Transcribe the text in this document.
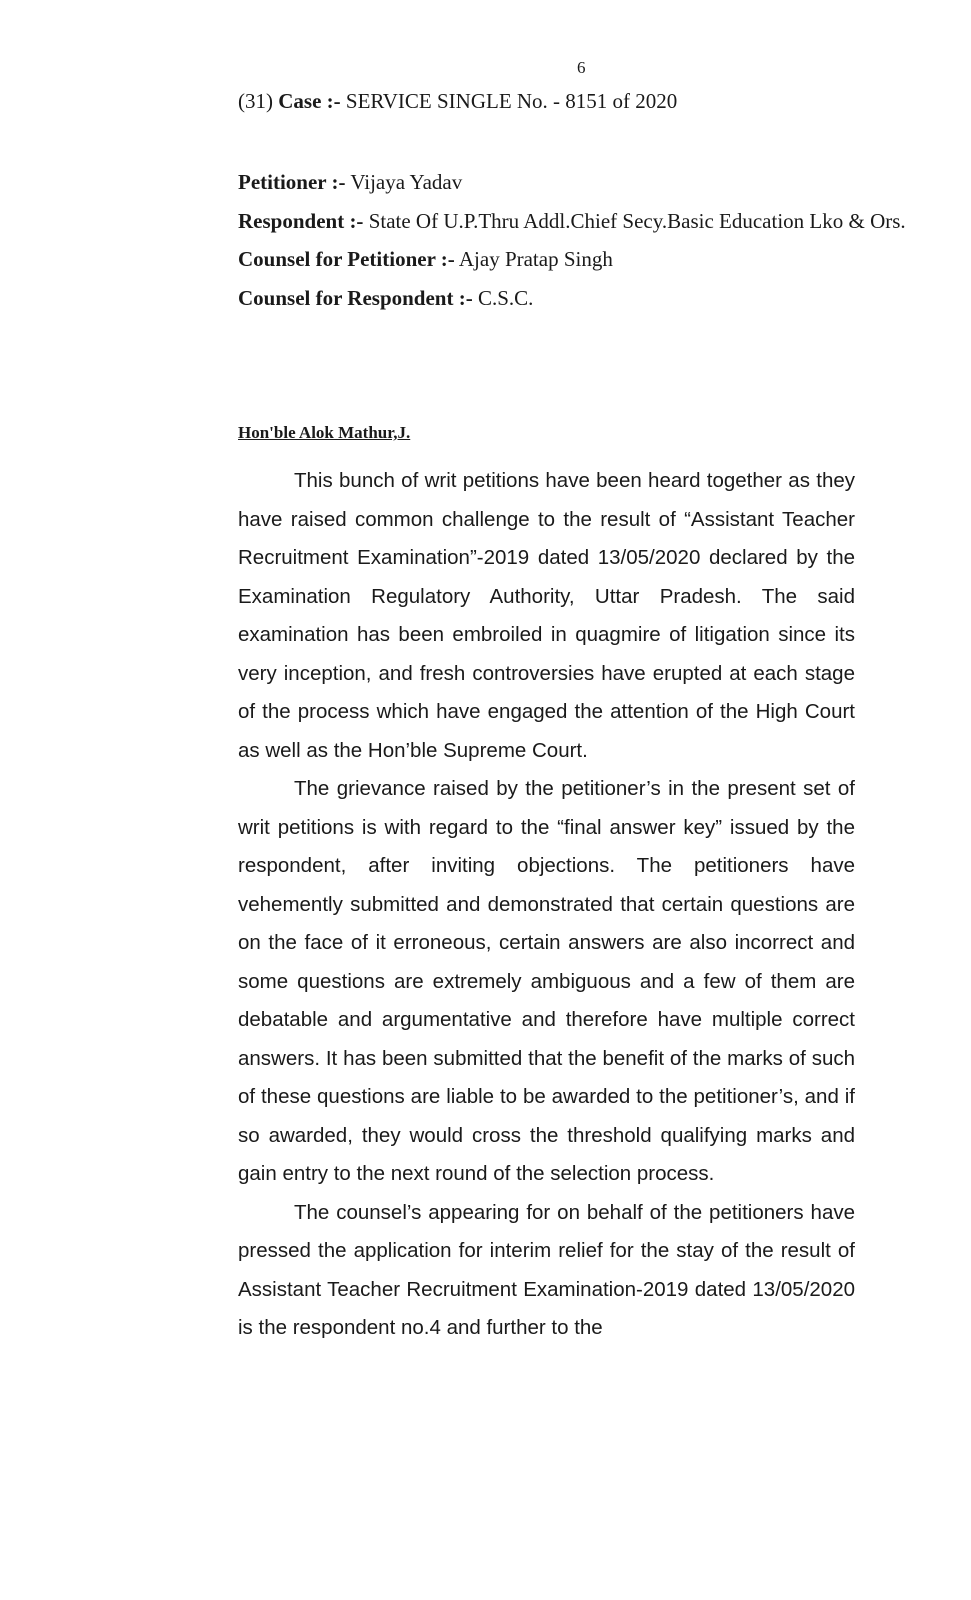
6
(31) Case :- SERVICE SINGLE No. - 8151 of 2020
Petitioner :- Vijaya Yadav
Respondent :- State Of U.P.Thru Addl.Chief Secy.Basic Education Lko & Ors.
Counsel for Petitioner :- Ajay Pratap Singh
Counsel for Respondent :- C.S.C.
Hon'ble Alok Mathur,J.

This bunch of writ petitions have been heard together as they have raised common challenge to the result of “Assistant Teacher Recruitment Examination”-2019 dated 13/05/2020 declared by the Examination Regulatory Authority, Uttar Pradesh. The said examination has been embroiled in quagmire of litigation since its very inception, and fresh controversies have erupted at each stage of the process which have engaged the attention of the High Court as well as the Hon’ble Supreme Court.

The grievance raised by the petitioner’s in the present set of writ petitions is with regard to the “final answer key” issued by the respondent, after inviting objections. The petitioners have vehemently submitted and demonstrated that certain questions are on the face of it erroneous, certain answers are also incorrect and some questions are extremely ambiguous and a few of them are debatable and argumentative and therefore have multiple correct answers. It has been submitted that the benefit of the marks of such of these questions are liable to be awarded to the petitioner’s, and if so awarded, they would cross the threshold qualifying marks and gain entry to the next round of the selection process.

The counsel’s appearing for on behalf of the petitioners have pressed the application for interim relief for the stay of the result of Assistant Teacher Recruitment Examination-2019 dated 13/05/2020 is the respondent no.4 and further to the
